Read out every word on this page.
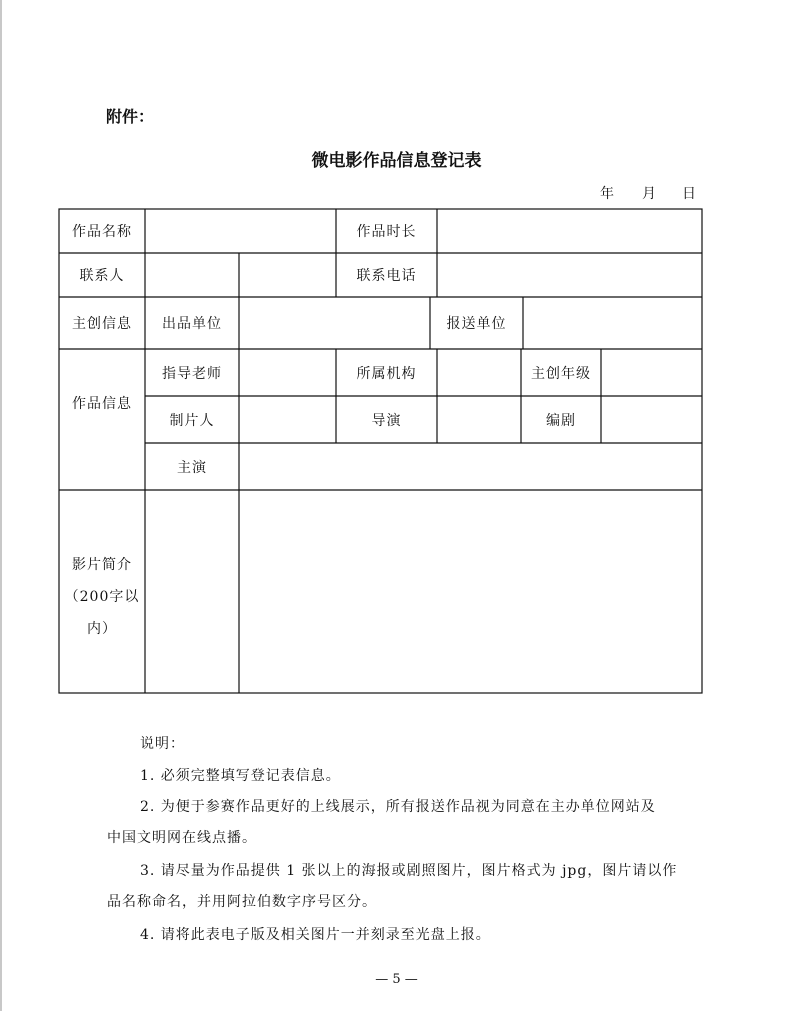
附件：
微电影作品信息登记表
年 月 日
作品名称	作品时长
联系人	联系电话
主创信息	出品单位	报送单位
作品信息
指导老师	所属机构	主创年级
制片人	导演	编剧
主演
影片简介
（200字以
内）
说明：
1. 必须完整填写登记表信息。
2. 为便于参赛作品更好的上线展示，所有报送作品视为同意在主办单位网站及
中国文明网在线点播。
3. 请尽量为作品提供 1 张以上的海报或剧照图片，图片格式为 jpg，图片请以作
品名称命名，并用阿拉伯数字序号区分。
4. 请将此表电子版及相关图片一并刻录至光盘上报。
— 5 —
